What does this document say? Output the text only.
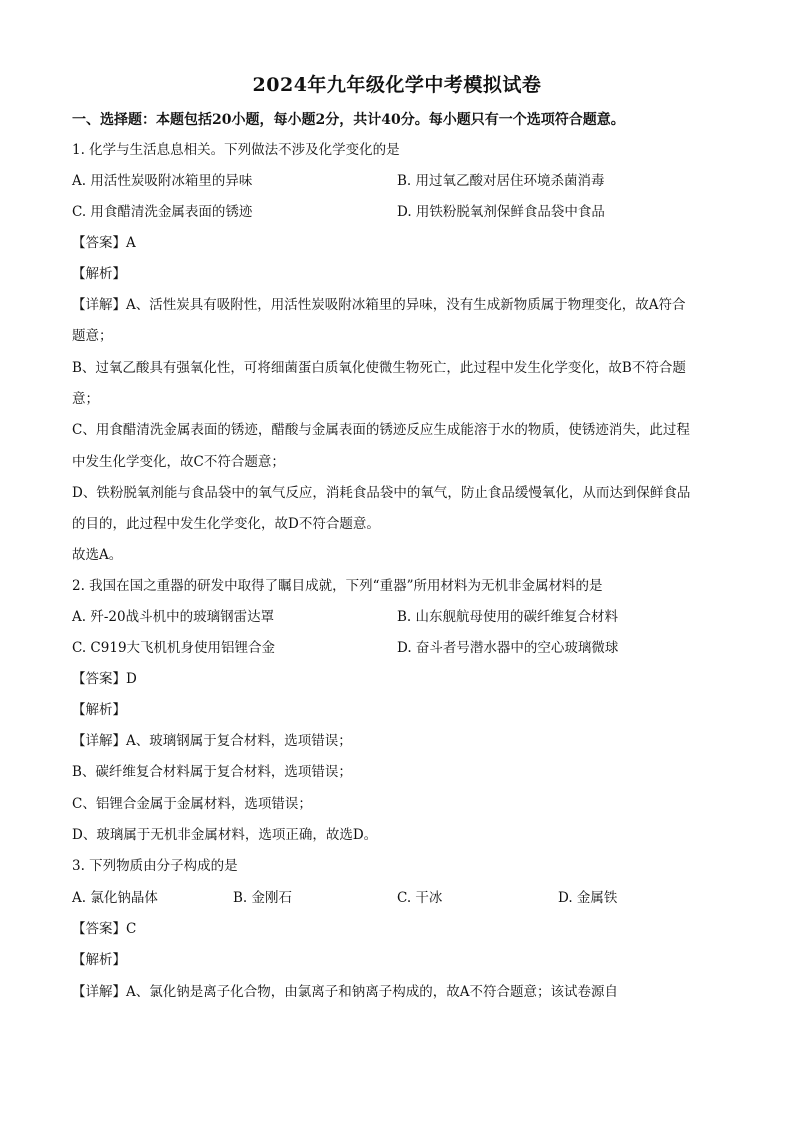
2024年九年级化学中考模拟试卷
一、选择题：本题包括20小题，每小题2分，共计40分。每小题只有一个选项符合题意。
1. 化学与生活息息相关。下列做法不涉及化学变化的是
A. 用活性炭吸附冰箱里的异味	B. 用过氧乙酸对居住环境杀菌消毒
C. 用食醋清洗金属表面的锈迹	D. 用铁粉脱氧剂保鲜食品袋中食品
【答案】A
【解析】
【详解】A、活性炭具有吸附性，用活性炭吸附冰箱里的异味，没有生成新物质属于物理变化，故A符合
题意；
B、过氧乙酸具有强氧化性，可将细菌蛋白质氧化使微生物死亡，此过程中发生化学变化，故B不符合题
意；
C、用食醋清洗金属表面的锈迹，醋酸与金属表面的锈迹反应生成能溶于水的物质，使锈迹消失，此过程
中发生化学变化，故C不符合题意；
D、铁粉脱氧剂能与食品袋中的氧气反应，消耗食品袋中的氧气，防止食品缓慢氧化，从而达到保鲜食品
的目的，此过程中发生化学变化，故D不符合题意。
故选A。
2. 我国在国之重器的研发中取得了瞩目成就，下列“重器”所用材料为无机非金属材料的是
A. 歼-20战斗机中的玻璃钢雷达罩	B. 山东舰航母使用的碳纤维复合材料
C. C919大飞机机身使用铝锂合金	D. 奋斗者号潜水器中的空心玻璃微球
【答案】D
【解析】
【详解】A、玻璃钢属于复合材料，选项错误；
B、碳纤维复合材料属于复合材料，选项错误；
C、铝锂合金属于金属材料，选项错误；
D、玻璃属于无机非金属材料，选项正确，故选D。
3. 下列物质由分子构成的是
A. 氯化钠晶体	B. 金刚石	C. 干冰	D. 金属铁
【答案】C
【解析】
【详解】A、氯化钠是离子化合物，由氯离子和钠离子构成的，故A不符合题意；该试卷源自
